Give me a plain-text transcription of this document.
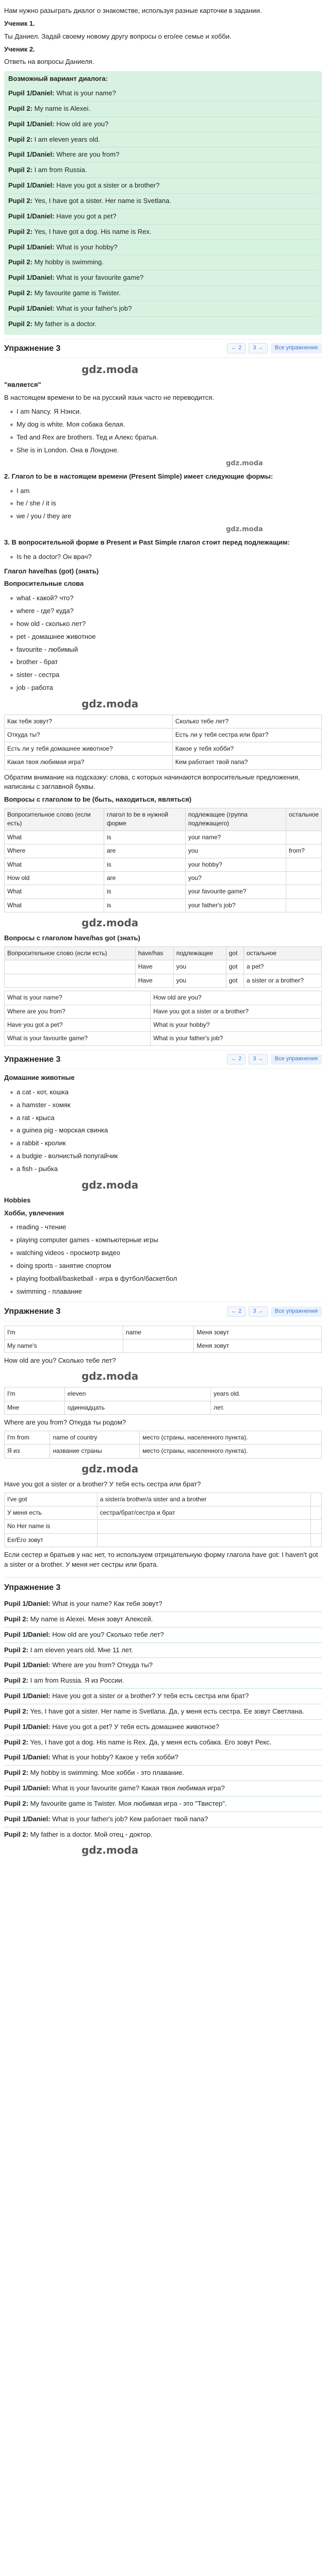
Нам нужно разыграть диалог о знакомстве, используя разные карточки в задании.

Ученик 1.

Ты Даниел. Задай своему новому другу вопросы о его/ее семье и хобби.

Ученик 2.

Ответь на вопросы Даниеля.

Возможный вариант диалога:
Pupil 1/Daniel: What is your name?
Pupil 2: My name is Alexei.
Pupil 1/Daniel: How old are you?
Pupil 2: I am eleven years old.
Pupil 1/Daniel: Where are you from?
Pupil 2: I am from Russia.
Pupil 1/Daniel: Have you got a sister or a brother?
Pupil 2: Yes, I have got a sister. Her name is Svetlana.
Pupil 1/Daniel: Have you got a pet?
Pupil 2: Yes, I have got a dog. His name is Rex.
Pupil 1/Daniel: What is your hobby?
Pupil 2: My hobby is swimming.
Pupil 1/Daniel: What is your favourite game?
Pupil 2: My favourite game is Twister.
Pupil 1/Daniel: What is your father's job?
Pupil 2: My father is a doctor.
Упражнение 3	← 2	3 →	Все упражнения
gdz.moda

"является"

В настоящем времени to be на русский язык часто не переводится.

I am Nancy. Я Нэнси.
My dog is white. Моя собака белая.
Ted and Rex are brothers. Тед и Алекс братья.
She is in London. Она в Лондоне.
gdz.moda

2. Глагол to be в настоящем времени (Present Simple) имеет следующие формы:

I am
he / she / it is
we / you / they are
gdz.moda

3. В вопросительной форме в Present и Past Simple глагол стоит перед подлежащим:

Is he a doctor? Он врач?

Глагол have/has (got) (знать)

Вопросительные слова

what - какой? что?
where - где? куда?
how old - сколько лет?
pet - домашнее животное
favourite - любимый
brother - брат
sister - сестра
job - работа
gdz.moda
Как тебя зовут?	Сколько тебе лет?
Откуда ты?	Есть ли у тебя сестра или брат?
Есть ли у тебя домашнее животное?	Какое у тебя хобби?
Какая твоя любимая игра?	Кем работает твой папа?

Обратим внимание на подсказку: слова, с которых начинаются вопросительные предложения, написаны с заглавной буквы.

Вопросы с глаголом to be (быть, находиться, являться)

Вопросительное слово (если есть)	глагол to be в нужной форме	подлежащее (группа подлежащего)	остальное
What	is	your name?	
Where	are	you	from?
What	is	your hobby?	
How old	are	you?	
What	is	your favourite game?	
What	is	your father's job?	
gdz.moda

Вопросы с глаголом have/has got (знать)

Вопросительное слово (если есть)	have/has	подлежащее	got	остальное
	Have	you	got	a pet?
	Have	you	got	a sister or a brother?
What is your name?	How old are you?
Where are you from?	Have you got a sister or a brother?
Have you got a pet?	What is your hobby?
What is your favourite game?	What is your father's job?
Упражнение 3	← 2	3 →	Все упражнения

Домашние животные

a cat - кот, кошка
a hamster - хомяк
a rat - крыса
a guinea pig - морская свинка
a rabbit - кролик
a budgie - волнистый попугайчик
a fish - рыбка
gdz.moda

Hobbies

Хобби, увлечения

reading - чтение
playing computer games - компьютерные игры
watching videos - просмотр видео
doing sports - занятие спортом
playing football/basketball - игра в футбол/баскетбол
swimming - плавание
Упражнение 3	← 2	3 →	Все упражнения
I'm	name	Меня зовут
My name's		Меня зовут

How old are you? Сколько тебе лет?

gdz.moda
I'm	eleven	years old.
Мне	одиннадцать	лет.

Where are you from? Откуда ты родом?

I'm from	name of country	место (страны, населенного пункта).
Я из	название страны	место (страны, населенного пункта).
gdz.moda

Have you got a sister or a brother? У тебя есть сестра или брат?

I've got	a sister/a brother/a sister and a brother	
У меня есть	сестра/брат/сестра и брат	
No Her name is		
Ее/Его зовут		

Если сестер и братьев у нас нет, то используем отрицательную форму глагола have got: I haven't got a sister or a brother. У меня нет сестры или брата.

Упражнение 3
Pupil 1/Daniel: What is your name? Как тебя зовут?
Pupil 2: My name is Alexei. Меня зовут Алексей.
Pupil 1/Daniel: How old are you? Сколько тебе лет?
Pupil 2: I am eleven years old. Мне 11 лет.
Pupil 1/Daniel: Where are you from? Откуда ты?
Pupil 2: I am from Russia. Я из России.
Pupil 1/Daniel: Have you got a sister or a brother? У тебя есть сестра или брат?
Pupil 2: Yes, I have got a sister. Her name is Svetlana. Да, у меня есть сестра. Ее зовут Светлана.
Pupil 1/Daniel: Have you got a pet? У тебя есть домашнее животное?
Pupil 2: Yes, I have got a dog. His name is Rex. Да, у меня есть собака. Его зовут Рекс.
Pupil 1/Daniel: What is your hobby? Какое у тебя хобби?
Pupil 2: My hobby is swimming. Мое хобби - это плавание.
Pupil 1/Daniel: What is your favourite game? Какая твоя любимая игра?
Pupil 2: My favourite game is Twister. Моя любимая игра - это "Твистер".
Pupil 1/Daniel: What is your father's job? Кем работает твой папа?
Pupil 2: My father is a doctor. Мой отец - доктор.
gdz.moda
